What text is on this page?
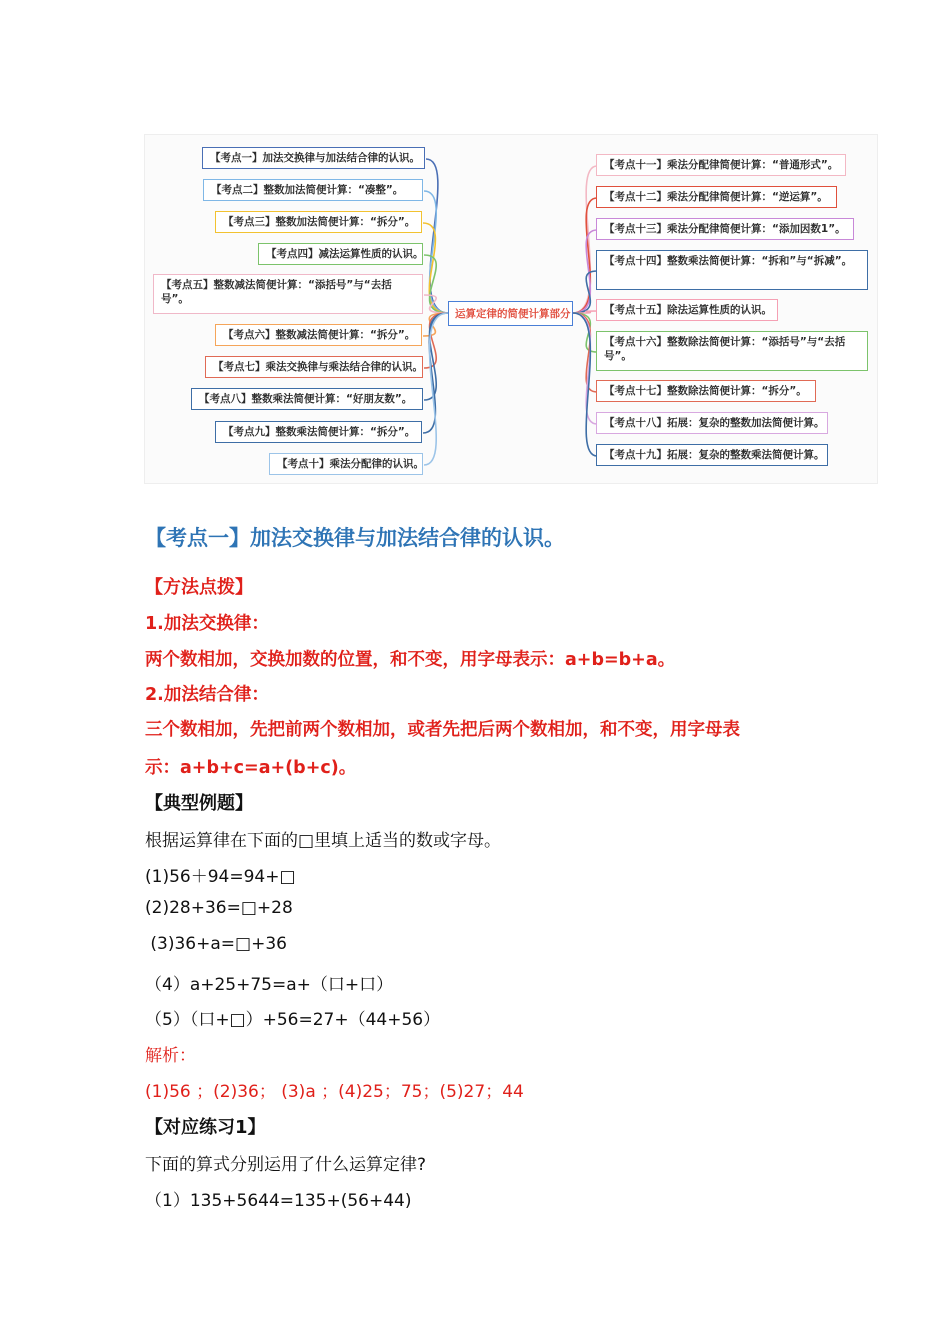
【考点一】加法交换律与加法结合律的认识。
【考点二】整数加法简便计算：“凑整”。
【考点三】整数加法简便计算：“拆分”。
【考点四】减法运算性质的认识。
【考点五】整数减法简便计算：“添括号”与“去括号”。
【考点六】整数减法简便计算：“拆分”。
【考点七】乘法交换律与乘法结合律的认识。
【考点八】整数乘法简便计算：“好朋友数”。
【考点九】整数乘法简便计算：“拆分”。
【考点十】乘法分配律的认识。
运算定律的简便计算部分
【考点十一】乘法分配律简便计算：“普通形式”。
【考点十二】乘法分配律简便计算：“逆运算”。
【考点十三】乘法分配律简便计算：“添加因数1”。
【考点十四】整数乘法简便计算：“拆和”与“拆减”。
【考点十五】除法运算性质的认识。
【考点十六】整数除法简便计算：“添括号”与“去括号”。
【考点十七】整数除法简便计算：“拆分”。
【考点十八】拓展：复杂的整数加法简便计算。
【考点十九】拓展：复杂的整数乘法简便计算。
【考点一】加法交换律与加法结合律的认识。
【方法点拨】
1.加法交换律：
两个数相加，交换加数的位置，和不变，用字母表示：a+b=b+a。
2.加法结合律：
三个数相加，先把前两个数相加，或者先把后两个数相加，和不变，用字母表
示：a+b+c=a+(b+c)。
【典型例题】
根据运算律在下面的□里填上适当的数或字母。
(1)56＋94=94+□
(2)28+36=□+28
(3)36+a=□+36
（4）a+25+75=a+（口+口）
（5）（口+□）+56=27+（44+56）
解析：
(1)56 ；(2)36； (3)a ；(4)25；75；(5)27；44
【对应练习1】
下面的算式分别运用了什么运算定律?
（1）135+5644=135+(56+44)
